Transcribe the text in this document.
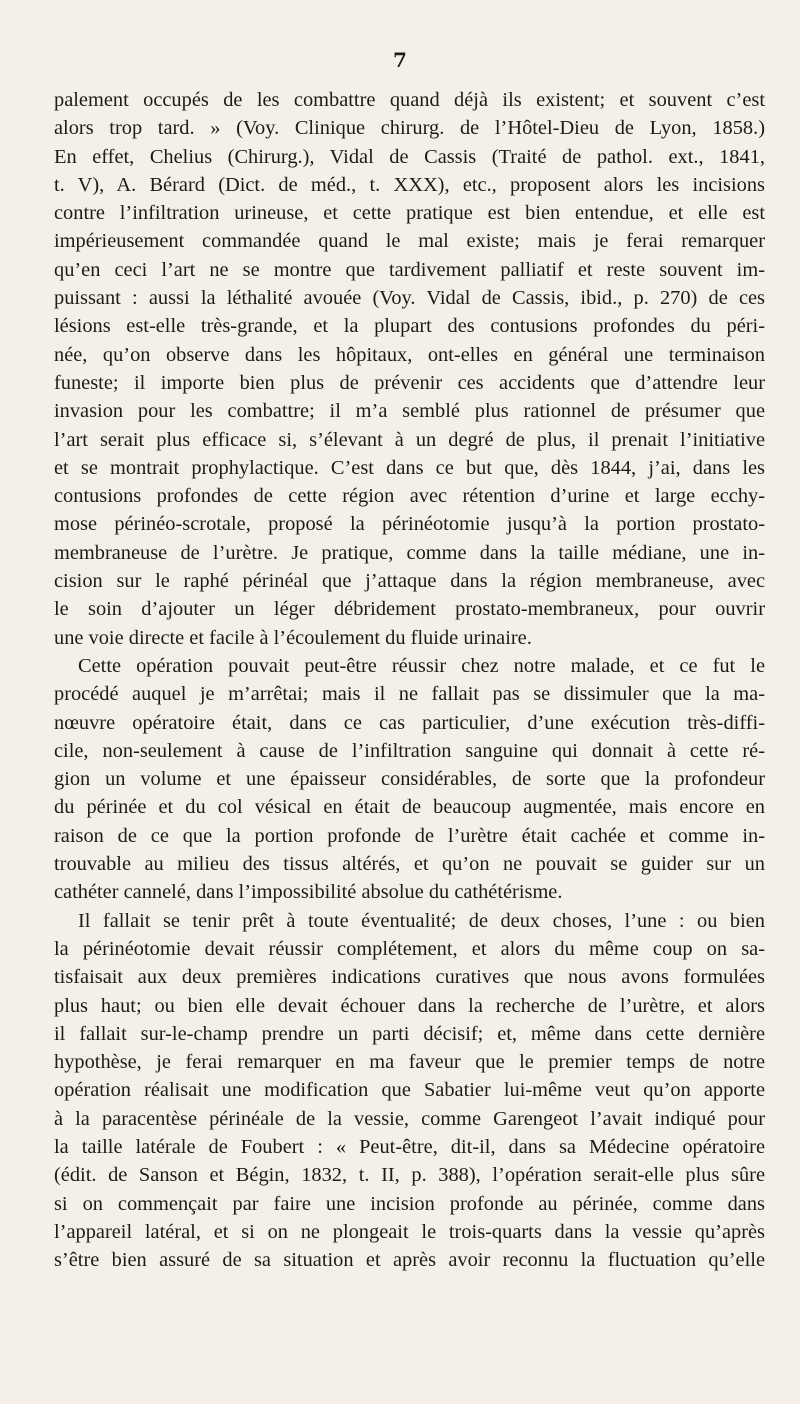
7
palement occupés de les combattre quand déjà ils existent; et souvent c’est
alors trop tard. » (Voy. Clinique chirurg. de l’Hôtel-Dieu de Lyon, 1858.)
En effet, Chelius (Chirurg.), Vidal de Cassis (Traité de pathol. ext., 1841,
t. V), A. Bérard (Dict. de méd., t. XXX), etc., proposent alors les incisions
contre l’infiltration urineuse, et cette pratique est bien entendue, et elle est
impérieusement commandée quand le mal existe; mais je ferai remarquer
qu’en ceci l’art ne se montre que tardivement palliatif et reste souvent im-
puissant : aussi la léthalité avouée (Voy. Vidal de Cassis, ibid., p. 270) de ces
lésions est-elle très-grande, et la plupart des contusions profondes du péri-
née, qu’on observe dans les hôpitaux, ont-elles en général une terminaison
funeste; il importe bien plus de prévenir ces accidents que d’attendre leur
invasion pour les combattre; il m’a semblé plus rationnel de présumer que
l’art serait plus efficace si, s’élevant à un degré de plus, il prenait l’initiative
et se montrait prophylactique. C’est dans ce but que, dès 1844, j’ai, dans les
contusions profondes de cette région avec rétention d’urine et large ecchy-
mose périnéo-scrotale, proposé la périnéotomie jusqu’à la portion prostato-
membraneuse de l’urètre. Je pratique, comme dans la taille médiane, une in-
cision sur le raphé périnéal que j’attaque dans la région membraneuse, avec
le soin d’ajouter un léger débridement prostato-membraneux, pour ouvrir
une voie directe et facile à l’écoulement du fluide urinaire.
Cette opération pouvait peut-être réussir chez notre malade, et ce fut le
procédé auquel je m’arrêtai; mais il ne fallait pas se dissimuler que la ma-
nœuvre opératoire était, dans ce cas particulier, d’une exécution très-diffi-
cile, non-seulement à cause de l’infiltration sanguine qui donnait à cette ré-
gion un volume et une épaisseur considérables, de sorte que la profondeur
du périnée et du col vésical en était de beaucoup augmentée, mais encore en
raison de ce que la portion profonde de l’urètre était cachée et comme in-
trouvable au milieu des tissus altérés, et qu’on ne pouvait se guider sur un
cathéter cannelé, dans l’impossibilité absolue du cathétérisme.
Il fallait se tenir prêt à toute éventualité; de deux choses, l’une : ou bien
la périnéotomie devait réussir complétement, et alors du même coup on sa-
tisfaisait aux deux premières indications curatives que nous avons formulées
plus haut; ou bien elle devait échouer dans la recherche de l’urètre, et alors
il fallait sur-le-champ prendre un parti décisif; et, même dans cette dernière
hypothèse, je ferai remarquer en ma faveur que le premier temps de notre
opération réalisait une modification que Sabatier lui-même veut qu’on apporte
à la paracentèse périnéale de la vessie, comme Garengeot l’avait indiqué pour
la taille latérale de Foubert : « Peut-être, dit-il, dans sa Médecine opératoire
(édit. de Sanson et Bégin, 1832, t. II, p. 388), l’opération serait-elle plus sûre
si on commençait par faire une incision profonde au périnée, comme dans
l’appareil latéral, et si on ne plongeait le trois-quarts dans la vessie qu’après
s’être bien assuré de sa situation et après avoir reconnu la fluctuation qu’elle
